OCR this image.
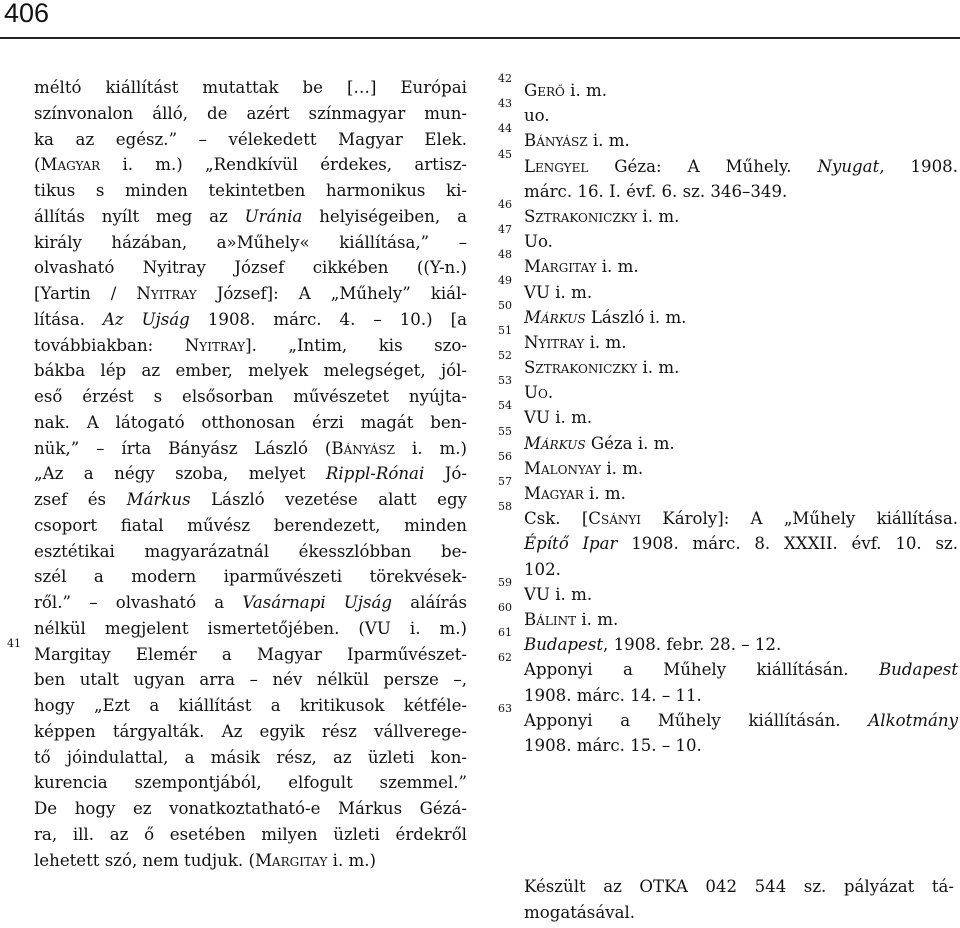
406
méltó kiállítást mutattak be […] Európai
színvonalon álló, de azért színmagyar mun-
ka az egész.” – vélekedett Magyar Elek.
(Magyar i. m.) „Rendkívül érdekes, artisz-
tikus s minden tekintetben harmonikus ki-
állítás nyílt meg az Uránia helyiségeiben, a
király házában, a»Műhely« kiállítása,” –
olvasható Nyitray József cikkében ((Y-n.)
[Yartin / Nyitray József]: A „Műhely” kiál-
lítása. Az Ujság 1908. márc. 4. – 10.) [a
továbbiakban: Nyitray]. „Intim, kis szo-
bákba lép az ember, melyek melegséget, jól-
eső érzést s elsősorban művészetet nyújta-
nak. A látogató otthonosan érzi magát ben-
nük,” – írta Bányász László (Bányász i. m.)
„Az a négy szoba, melyet Rippl-Rónai Jó-
zsef és Márkus László vezetése alatt egy
csoport fiatal művész berendezett, minden
esztétikai magyarázatnál ékesszlóbban be-
szél a modern iparművészeti törekvések-
ről.” – olvasható a Vasárnapi Ujság aláírás
nélkül megjelent ismertetőjében. (VU i. m.)
Margitay Elemér a Magyar Iparművészet-
41
ben utalt ugyan arra – név nélkül persze –,
hogy „Ezt a kiállítást a kritikusok kétféle-
képpen tárgyalták. Az egyik rész vállverege-
tő jóindulattal, a másik rész, az üzleti kon-
kurencia szempontjából, elfogult szemmel.”
De hogy ez vonatkoztatható-e Márkus Gézá-
ra, ill. az ő esetében milyen üzleti érdekről
lehetett szó, nem tudjuk. (Margitay i. m.)
42
Gerő i. m.
43
uo.
44
Bányász i. m.
45
Lengyel Géza: A Műhely. Nyugat, 1908.
márc. 16. I. évf. 6. sz. 346–349.
46
Sztrakoniczky i. m.
47
Uo.
48
Margitay i. m.
49
VU i. m.
50
Márkus László i. m.
51
Nyitray i. m.
52
Sztrakoniczky i. m.
53
Uo.
54
VU i. m.
55
Márkus Géza i. m.
56
Malonyay i. m.
57
Magyar i. m.
58
Csk. [Csányi Károly]: A „Műhely kiállítása.
Építő Ipar 1908. márc. 8. XXXII. évf. 10. sz.
102.
59
VU i. m.
60
Bálint i. m.
61
Budapest, 1908. febr. 28. – 12.
62
Apponyi a Műhely kiállításán. Budapest
1908. márc. 14. – 11.
63
Apponyi a Műhely kiállításán. Alkotmány
1908. márc. 15. – 10.
Készült az OTKA 042 544 sz. pályázat tá-
mogatásával.
